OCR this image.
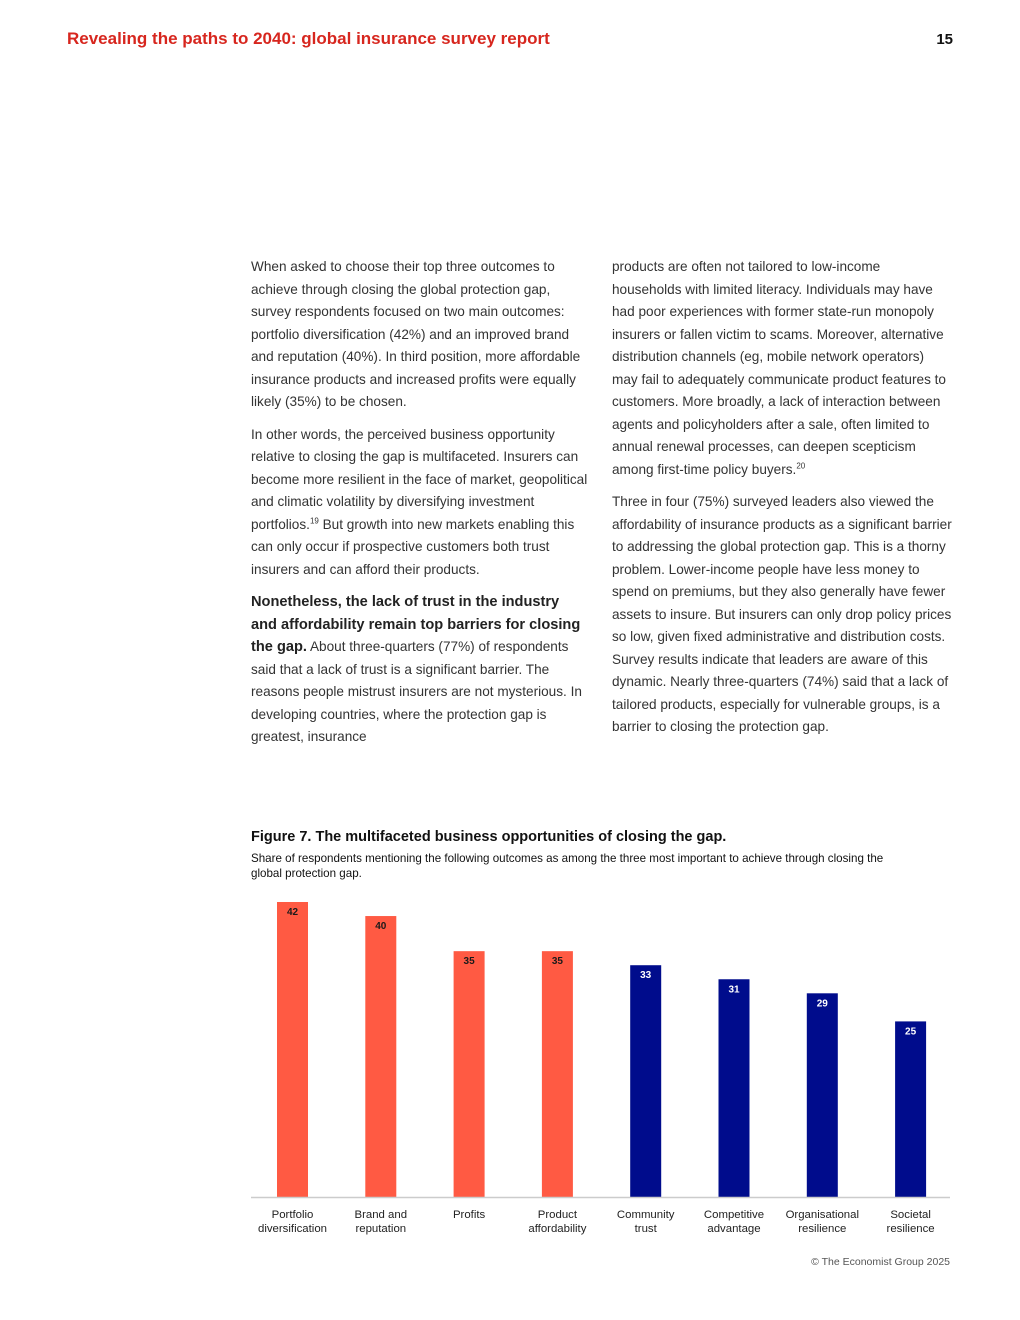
Revealing the paths to 2040: global insurance survey report	15

When asked to choose their top three outcomes to achieve through closing the global protection gap, survey respondents focused on two main outcomes: portfolio diversification (42%) and an improved brand and reputation (40%). In third position, more affordable insurance products and increased profits were equally likely (35%) to be chosen.

In other words, the perceived business opportunity relative to closing the gap is multifaceted. Insurers can become more resilient in the face of market, geopolitical and climatic volatility by diversifying investment portfolios.$^{19}$ But growth into new markets enabling this can only occur if prospective customers both trust insurers and can afford their products.

Nonetheless, the lack of trust in the industry and affordability remain top barriers for closing the gap. About three-quarters (77%) of respondents said that a lack of trust is a significant barrier. The reasons people mistrust insurers are not mysterious. In developing countries, where the protection gap is greatest, insurance

products are often not tailored to low-income households with limited literacy. Individuals may have had poor experiences with former state-run monopoly insurers or fallen victim to scams. Moreover, alternative distribution channels (eg, mobile network operators) may fail to adequately communicate product features to customers. More broadly, a lack of interaction between agents and policyholders after a sale, often limited to annual renewal processes, can deepen scepticism among first-time policy buyers.$^{20}$

Three in four (75%) surveyed leaders also viewed the affordability of insurance products as a significant barrier to addressing the global protection gap. This is a thorny problem. Lower-income people have less money to spend on premiums, but they also generally have fewer assets to insure. But insurers can only drop policy prices so low, given fixed administrative and distribution costs. Survey results indicate that leaders are aware of this dynamic. Nearly three-quarters (74%) said that a lack of tailored products, especially for vulnerable groups, is a barrier to closing the protection gap.

Figure 7. The multifaceted business opportunities of closing the gap.
Share of respondents mentioning the following outcomes as among the three most important to achieve through closing the global protection gap.
42
Portfolio
diversification
40
Brand and
reputation
35
Profits
35
Product
affordability
33
Community
trust
31
Competitive
advantage
29
Organisational
resilience
25
Societal
resilience
© The Economist Group 2025
